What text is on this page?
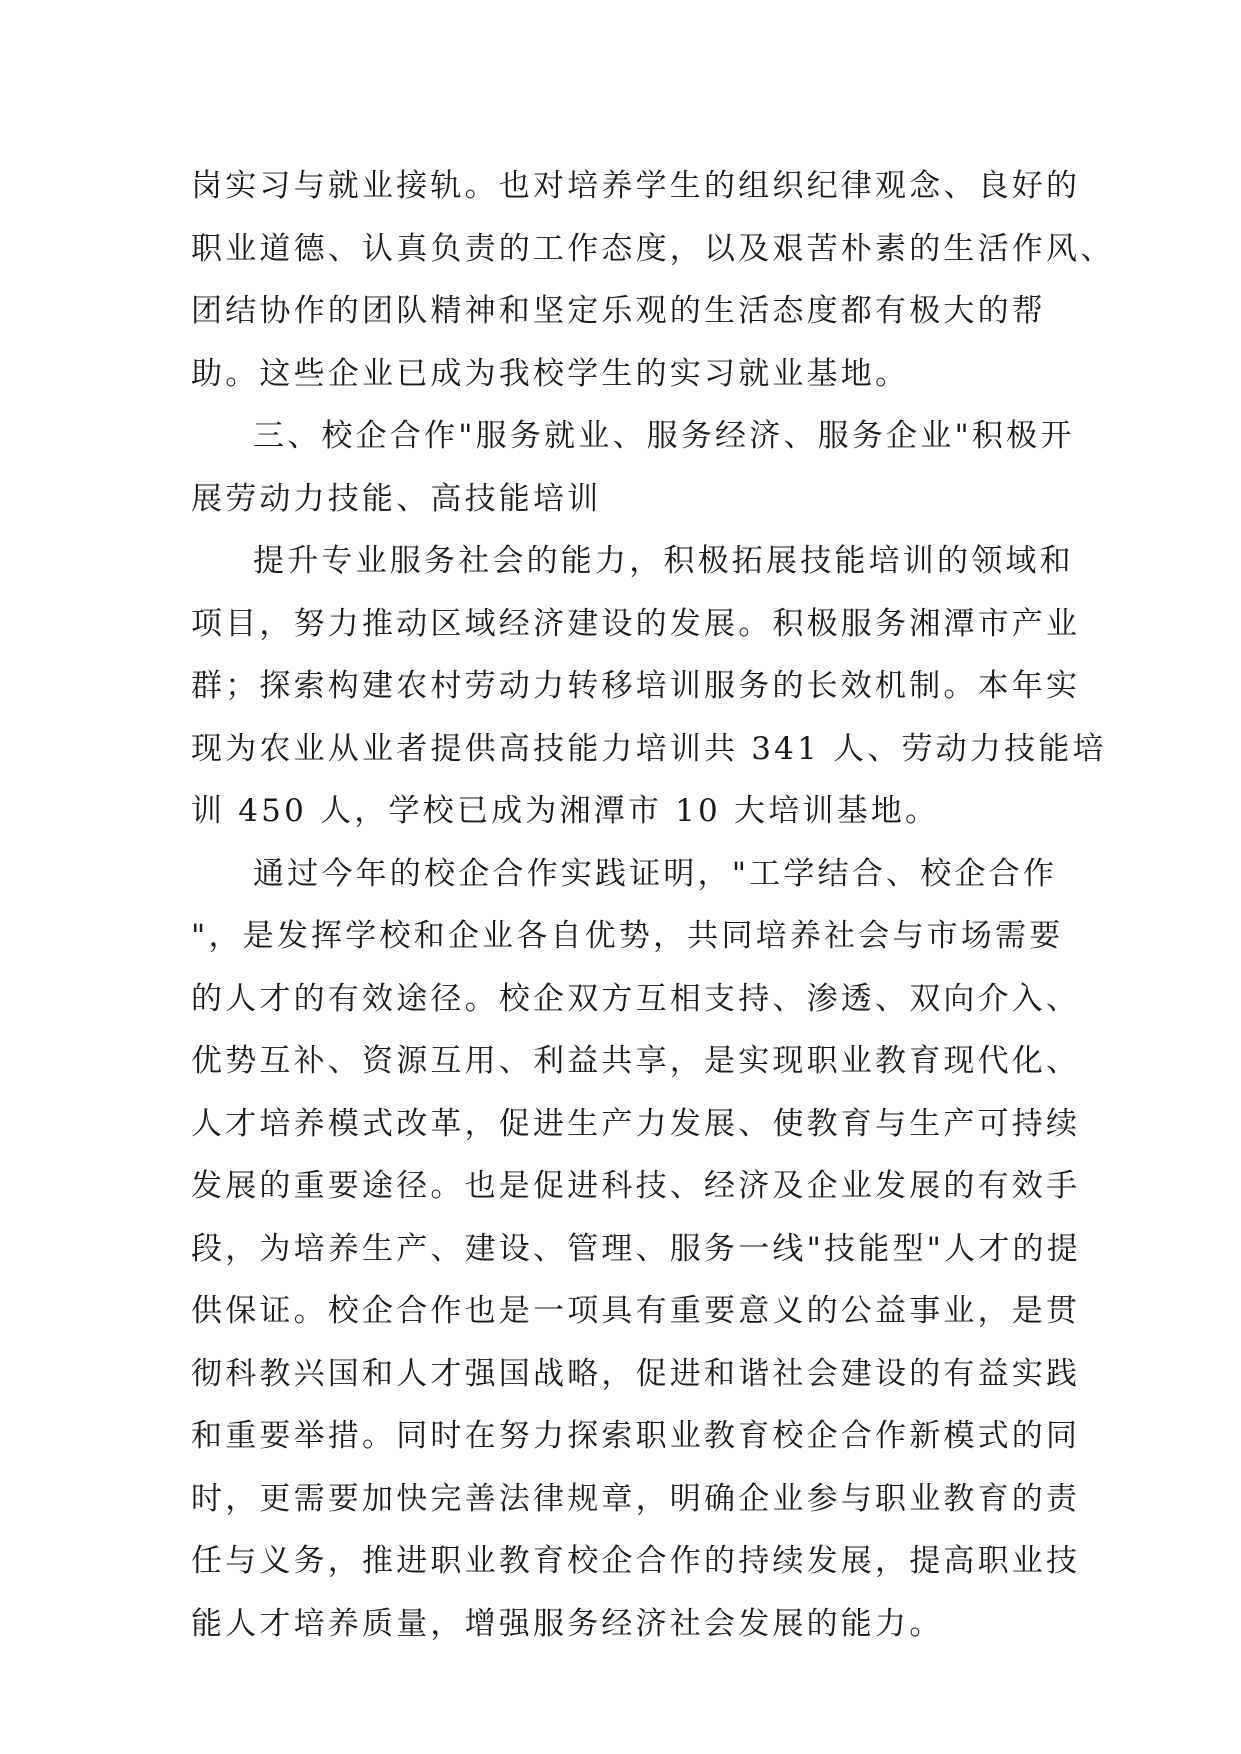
岗实习与就业接轨。也对培养学生的组织纪律观念、良好的
职业道德、认真负责的工作态度，以及艰苦朴素的生活作风、
团结协作的团队精神和坚定乐观的生活态度都有极大的帮
助。这些企业已成为我校学生的实习就业基地。
三、校企合作"服务就业、服务经济、服务企业"积极开
展劳动力技能、高技能培训
提升专业服务社会的能力，积极拓展技能培训的领域和
项目，努力推动区域经济建设的发展。积极服务湘潭市产业
群；探索构建农村劳动力转移培训服务的长效机制。本年实
现为农业从业者提供高技能力培训共 341 人、劳动力技能培
训 450 人，学校已成为湘潭市 10 大培训基地。
通过今年的校企合作实践证明，"工学结合、校企合作
"，是发挥学校和企业各自优势，共同培养社会与市场需要
的人才的有效途径。校企双方互相支持、渗透、双向介入、
优势互补、资源互用、利益共享，是实现职业教育现代化、
人才培养模式改革，促进生产力发展、使教育与生产可持续
发展的重要途径。也是促进科技、经济及企业发展的有效手
段，为培养生产、建设、管理、服务一线"技能型"人才的提
供保证。校企合作也是一项具有重要意义的公益事业，是贯
彻科教兴国和人才强国战略，促进和谐社会建设的有益实践
和重要举措。同时在努力探索职业教育校企合作新模式的同
时，更需要加快完善法律规章，明确企业参与职业教育的责
任与义务，推进职业教育校企合作的持续发展，提高职业技
能人才培养质量，增强服务经济社会发展的能力。
